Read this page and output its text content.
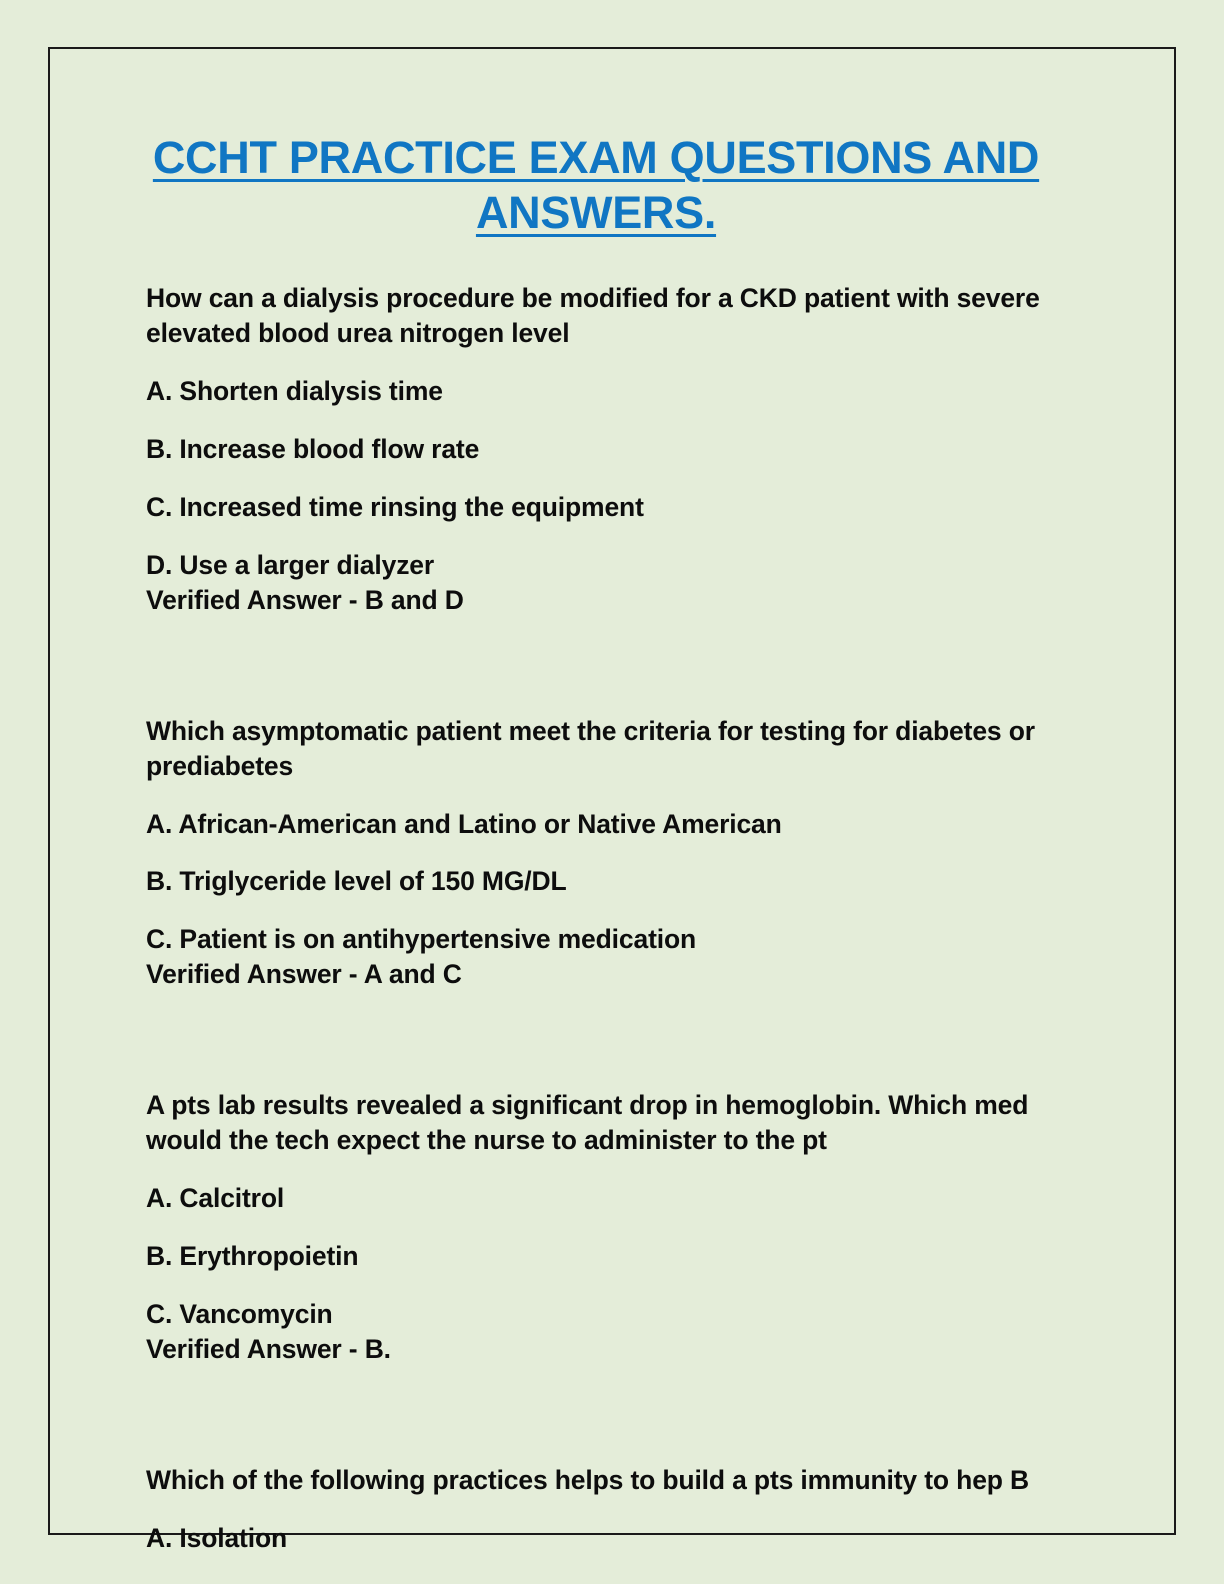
CCHT PRACTICE EXAM QUESTIONS AND ANSWERS.

How can a dialysis procedure be modified for a CKD patient with severe elevated blood urea nitrogen level

A. Shorten dialysis time

B. Increase blood flow rate

C. Increased time rinsing the equipment

D. Use a larger dialyzer

Verified Answer - B and D

Which asymptomatic patient meet the criteria for testing for diabetes or prediabetes

A. African-American and Latino or Native American

B. Triglyceride level of 150 MG/DL

C. Patient is on antihypertensive medication

Verified Answer - A and C

A pts lab results revealed a significant drop in hemoglobin. Which med would the tech expect the nurse to administer to the pt

A. Calcitrol

B. Erythropoietin

C. Vancomycin

Verified Answer - B.

Which of the following practices helps to build a pts immunity to hep B

A. Isolation
